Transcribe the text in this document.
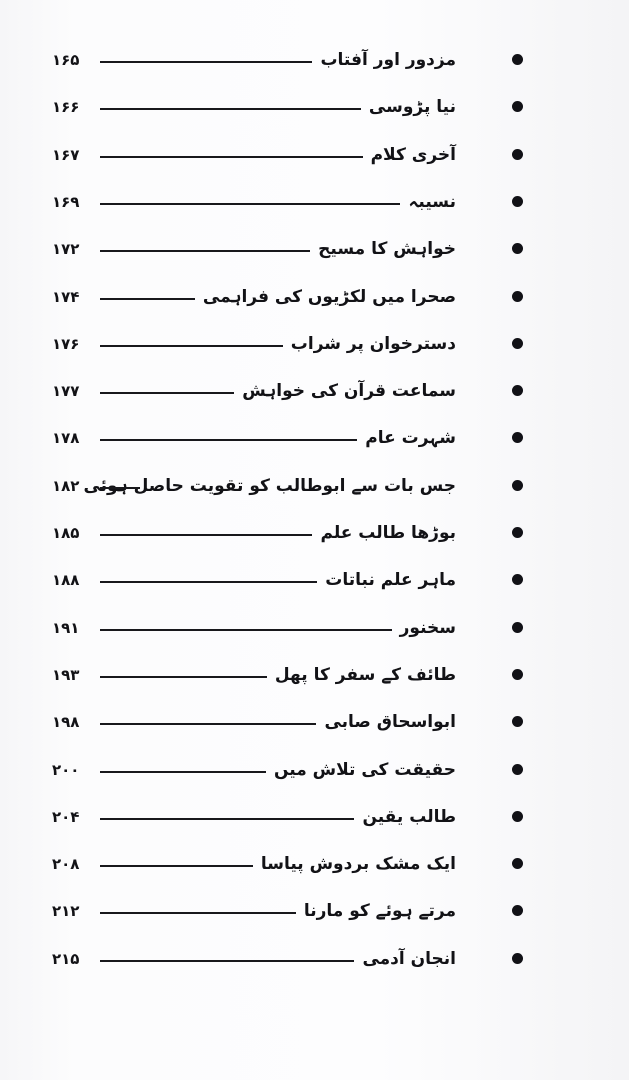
مزدور اور آفتاب
۱۶۵
نیا پڑوسی
۱۶۶
آخری کلام
۱۶۷
نسیبہ
۱۶۹
خواہش کا مسیح
۱۷۲
صحرا میں لکڑیوں کی فراہمی
۱۷۴
دسترخوان پر شراب
۱۷۶
سماعت قرآن کی خواہش
۱۷۷
شہرت عام
۱۷۸
جس بات سے ابوطالب کو تقویت حاصل ہوئی
۱۸۲
بوڑھا طالب علم
۱۸۵
ماہر علم نباتات
۱۸۸
سخنور
۱۹۱
طائف کے سفر کا پھل
۱۹۳
ابواسحاق صابی
۱۹۸
حقیقت کی تلاش میں
۲۰۰
طالب یقین
۲۰۴
ایک مشک بردوش پیاسا
۲۰۸
مرتے ہوئے کو مارنا
۲۱۲
انجان آدمی
۲۱۵
